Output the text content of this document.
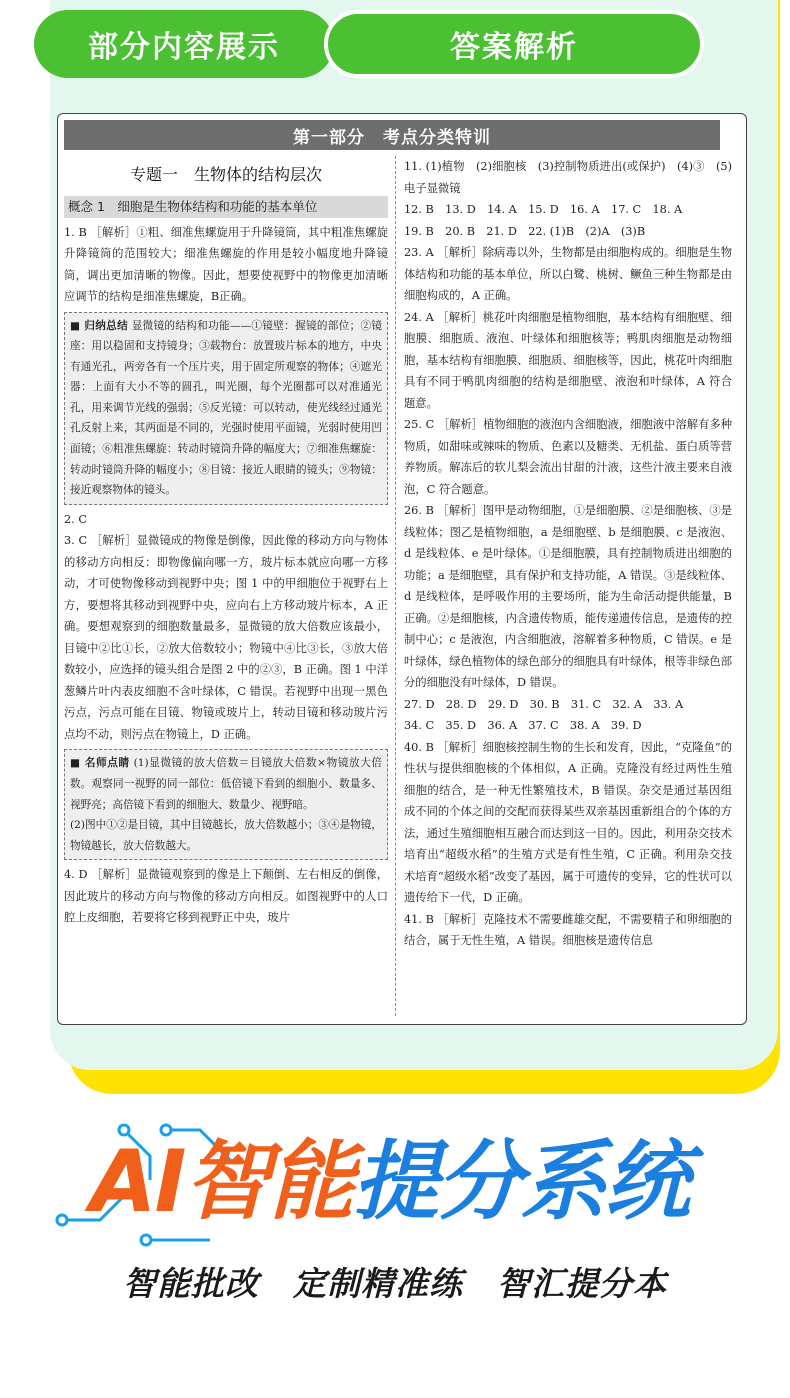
部分内容展示	答案解析
第一部分　考点分类特训
专题一　生物体的结构层次
概念 1　细胞是生物体结构和功能的基本单位

1. B ［解析］①粗、细准焦螺旋用于升降镜筒，其中粗准焦螺旋升降镜筒的范围较大；细准焦螺旋的作用是较小幅度地升降镜筒，调出更加清晰的物像。因此，想要使视野中的物像更加清晰应调节的结构是细准焦螺旋，B正确。

■ 归纳总结 显微镜的结构和功能——①镜壁：握镜的部位；②镜座：用以稳固和支持镜身；③载物台：放置玻片标本的地方，中央有通光孔，两旁各有一个压片夹，用于固定所观察的物体；④遮光器：上面有大小不等的圆孔，叫光圈，每个光圈都可以对准通光孔，用来调节光线的强弱；⑤反光镜：可以转动，使光线经过通光孔反射上来，其两面是不同的，光强时使用平面镜，光弱时使用凹面镜；⑥粗准焦螺旋：转动时镜筒升降的幅度大；⑦细准焦螺旋：转动时镜筒升降的幅度小；⑧目镜：接近人眼睛的镜头；⑨物镜：接近观察物体的镜头。

2. C

3. C ［解析］显微镜成的物像是倒像，因此像的移动方向与物体的移动方向相反：即物像偏向哪一方，玻片标本就应向哪一方移动，才可使物像移动到视野中央；图 1 中的甲细胞位于视野右上方，要想将其移动到视野中央，应向右上方移动玻片标本，A 正确。要想观察到的细胞数量最多，显微镜的放大倍数应该最小，目镜中②比①长，②放大倍数较小；物镜中④比③长，③放大倍数较小，应选择的镜头组合是图 2 中的②③，B 正确。图 1 中洋葱鳞片叶内表皮细胞不含叶绿体，C 错误。若视野中出现一黑色污点，污点可能在目镜、物镜或玻片上，转动目镜和移动玻片污点均不动，则污点在物镜上，D 正确。

■ 名师点睛 (1)显微镜的放大倍数＝目镜放大倍数×物镜放大倍数。观察同一视野的同一部位：低倍镜下看到的细胞小、数量多、视野亮；高倍镜下看到的细胞大、数量少、视野暗。
(2)图中①②是目镜，其中目镜越长，放大倍数越小；③④是物镜，物镜越长，放大倍数越大。

4. D ［解析］显微镜观察到的像是上下颠倒、左右相反的倒像，因此玻片的移动方向与物像的移动方向相反。如图视野中的人口腔上皮细胞，若要将它移到视野正中央，玻片

11. (1)植物　(2)细胞核　(3)控制物质进出(或保护)　(4)③　(5)电子显微镜

12. B　13. D　14. A　15. D　16. A　17. C　18. A

19. B　20. B　21. D　22. (1)B　(2)A　(3)B

23. A ［解析］除病毒以外，生物都是由细胞构成的。细胞是生物体结构和功能的基本单位，所以白鹭、桃树、鳜鱼三种生物都是由细胞构成的，A 正确。

24. A ［解析］桃花叶肉细胞是植物细胞，基本结构有细胞壁、细胞膜、细胞质、液泡、叶绿体和细胞核等；鸭肌肉细胞是动物细胞，基本结构有细胞膜、细胞质、细胞核等，因此，桃花叶肉细胞具有不同于鸭肌肉细胞的结构是细胞壁、液泡和叶绿体，A 符合题意。

25. C ［解析］植物细胞的液泡内含细胞液，细胞液中溶解有多种物质，如甜味或辣味的物质、色素以及糖类、无机盐、蛋白质等营养物质。解冻后的软儿梨会流出甘甜的汁液，这些汁液主要来自液泡，C 符合题意。

26. B ［解析］图甲是动物细胞，①是细胞膜、②是细胞核、③是线粒体；图乙是植物细胞，a 是细胞壁、b 是细胞膜、c 是液泡、d 是线粒体、e 是叶绿体。①是细胞膜，具有控制物质进出细胞的功能；a 是细胞壁，具有保护和支持功能，A 错误。③是线粒体、d 是线粒体，是呼吸作用的主要场所，能为生命活动提供能量，B 正确。②是细胞核，内含遗传物质，能传递遗传信息，是遗传的控制中心；c 是液泡，内含细胞液，溶解着多种物质，C 错误。e 是叶绿体，绿色植物体的绿色部分的细胞具有叶绿体，根等非绿色部分的细胞没有叶绿体，D 错误。

27. D　28. D　29. D　30. B　31. C　32. A　33. A

34. C　35. D　36. A　37. C　38. A　39. D

40. B ［解析］细胞核控制生物的生长和发育，因此，“克隆鱼”的性状与提供细胞核的个体相似，A 正确。克隆没有经过两性生殖细胞的结合，是一种无性繁殖技术，B 错误。杂交是通过基因组成不同的个体之间的交配而获得某些双亲基因重新组合的个体的方法，通过生殖细胞相互融合而达到这一目的。因此，利用杂交技术培育出“超级水稻”的生殖方式是有性生殖，C 正确。利用杂交技术培育“超级水稻”改变了基因，属于可遗传的变异，它的性状可以遗传给下一代，D 正确。

41. B ［解析］克隆技术不需要雌雄交配，不需要精子和卵细胞的结合，属于无性生殖，A 错误。细胞核是遗传信息

AI智能提分系统
智能批改　定制精准练　智汇提分本
